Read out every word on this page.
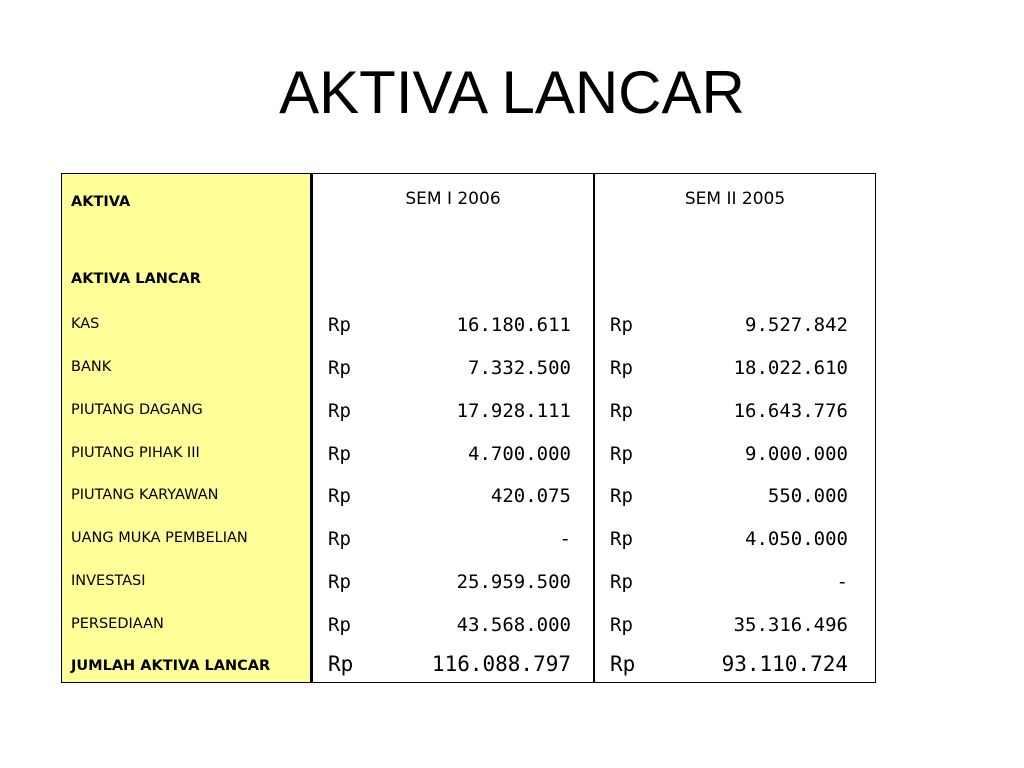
AKTIVA LANCAR
AKTIVA	SEM I 2006	SEM II 2005
AKTIVA LANCAR
KAS	Rp	16.180.611 Rp	9.527.842
BANK	Rp	7.332.500 Rp	18.022.610
PIUTANG DAGANG	Rp	17.928.111 Rp	16.643.776
PIUTANG PIHAK III	Rp	4.700.000 Rp	9.000.000
PIUTANG KARYAWAN	Rp	420.075 Rp	550.000
UANG MUKA PEMBELIAN	Rp	- Rp	4.050.000
INVESTASI	Rp	25.959.500 Rp	-
PERSEDIAAN	Rp	43.568.000 Rp	35.316.496
JUMLAH AKTIVA LANCAR	Rp	116.088.797 Rp	93.110.724
